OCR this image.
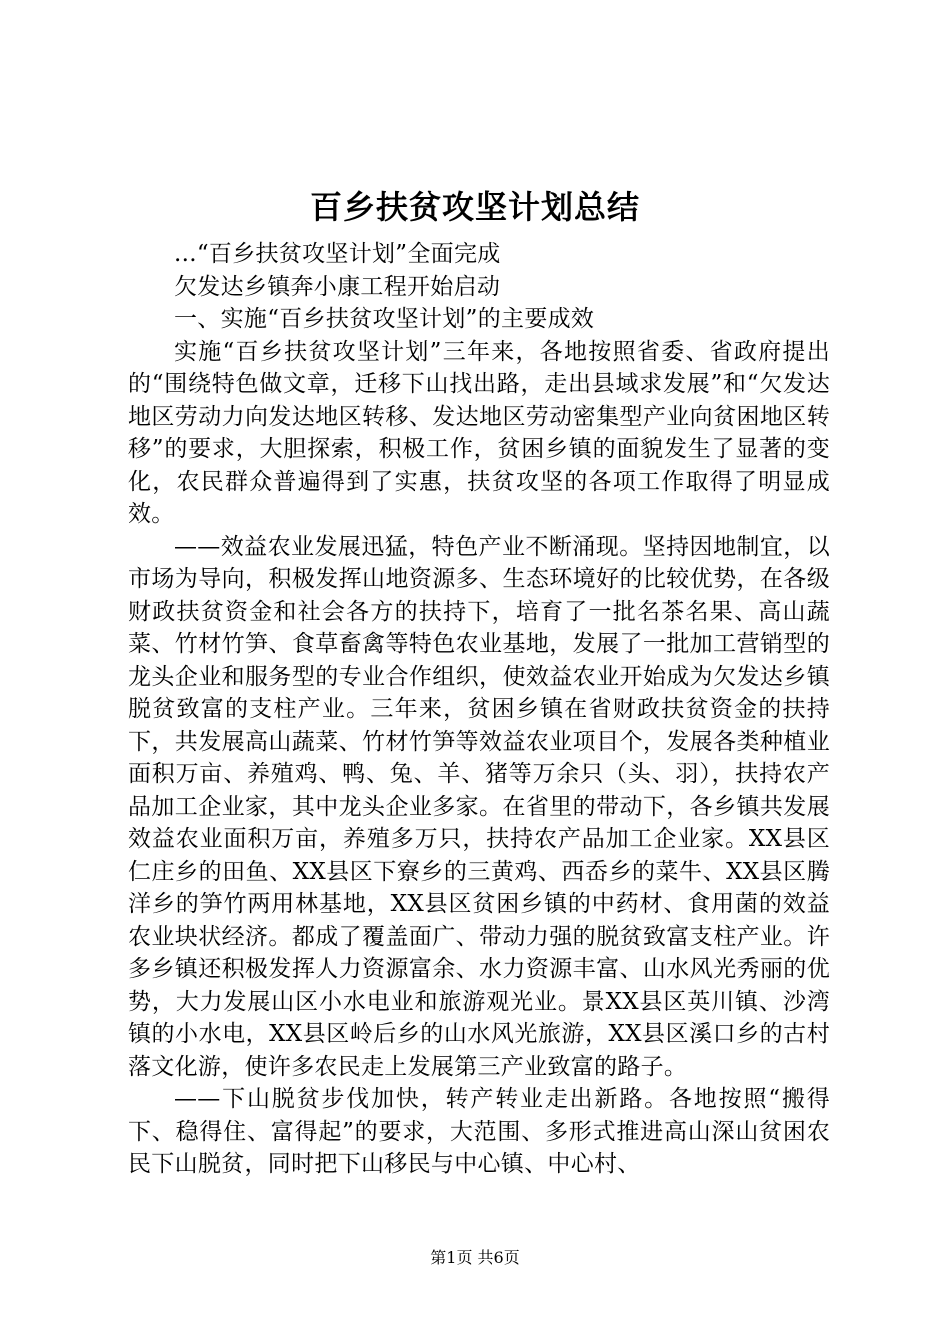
百乡扶贫攻坚计划总结

...“百乡扶贫攻坚计划”全面完成

欠发达乡镇奔小康工程开始启动

一、实施“百乡扶贫攻坚计划”的主要成效

实施“百乡扶贫攻坚计划”三年来，各地按照省委、省政府提出的“围绕特色做文章，迁移下山找出路，走出县域求发展”和“欠发达地区劳动力向发达地区转移、发达地区劳动密集型产业向贫困地区转移”的要求，大胆探索，积极工作，贫困乡镇的面貌发生了显著的变化，农民群众普遍得到了实惠，扶贫攻坚的各项工作取得了明显成效。

——效益农业发展迅猛，特色产业不断涌现。坚持因地制宜，以市场为导向，积极发挥山地资源多、生态环境好的比较优势，在各级财政扶贫资金和社会各方的扶持下，培育了一批名茶名果、高山蔬菜、竹材竹笋、食草畜禽等特色农业基地，发展了一批加工营销型的龙头企业和服务型的专业合作组织，使效益农业开始成为欠发达乡镇脱贫致富的支柱产业。三年来，贫困乡镇在省财政扶贫资金的扶持下，共发展高山蔬菜、竹材竹笋等效益农业项目个，发展各类种植业面积万亩、养殖鸡、鸭、兔、羊、猪等万余只（头、羽），扶持农产品加工企业家，其中龙头企业多家。在省里的带动下，各乡镇共发展效益农业面积万亩，养殖多万只，扶持农产品加工企业家。XX县区仁庄乡的田鱼、XX县区下寮乡的三黄鸡、西岙乡的菜牛、XX县区腾洋乡的笋竹两用林基地，XX县区贫困乡镇的中药材、食用菌的效益农业块状经济。都成了覆盖面广、带动力强的脱贫致富支柱产业。许多乡镇还积极发挥人力资源富余、水力资源丰富、山水风光秀丽的优势，大力发展山区小水电业和旅游观光业。景XX县区英川镇、沙湾镇的小水电，XX县区岭后乡的山水风光旅游，XX县区溪口乡的古村落文化游，使许多农民走上发展第三产业致富的路子。

——下山脱贫步伐加快，转产转业走出新路。各地按照“搬得下、稳得住、富得起”的要求，大范围、多形式推进高山深山贫困农民下山脱贫，同时把下山移民与中心镇、中心村、

第1页 共6页
